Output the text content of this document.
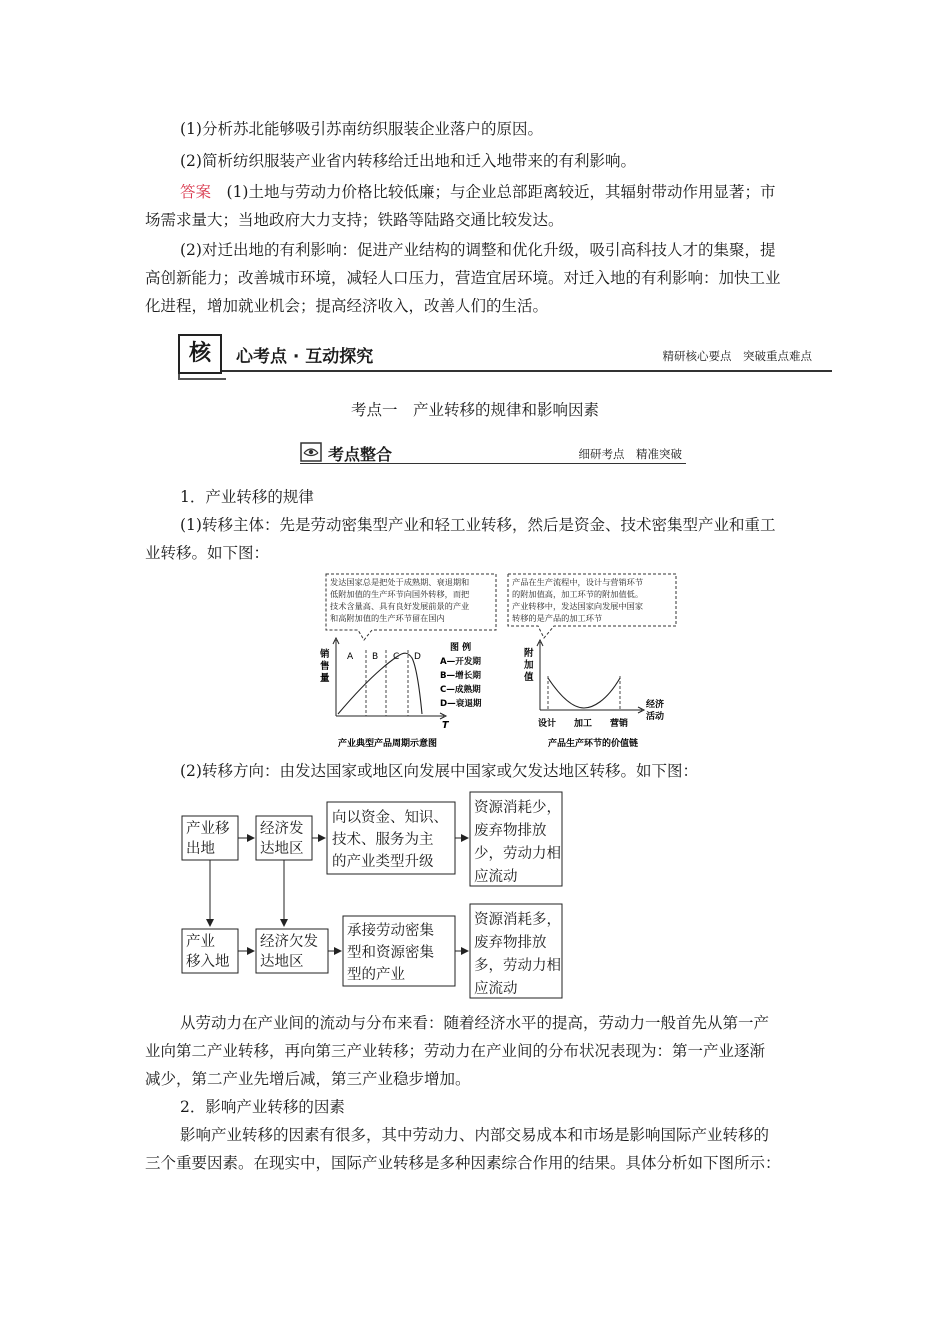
(1)分析苏北能够吸引苏南纺织服装企业落户的原因。
(2)简析纺织服装产业省内转移给迁出地和迁入地带来的有利影响。
答案　(1)土地与劳动力价格比较低廉；与企业总部距离较近，其辐射带动作用显著；市
场需求量大；当地政府大力支持；铁路等陆路交通比较发达。
(2)对迁出地的有利影响：促进产业结构的调整和优化升级，吸引高科技人才的集聚，提
高创新能力；改善城市环境，减轻人口压力，营造宜居环境。对迁入地的有利影响：加快工业
化进程，增加就业机会；提高经济收入，改善人们的生活。
核	心考点 · 互动探究	精研核心要点　突破重点难点
考点一　产业转移的规律和影响因素
考点整合	细研考点　精准突破
1．产业转移的规律
(1)转移主体：先是劳动密集型产业和轻工业转移，然后是资金、技术密集型产业和重工
业转移。如下图：
发达国家总是把处于成熟期、衰退期和
低附加值的生产环节向国外转移，而把
技术含量高、具有良好发展前景的产业
和高附加值的生产环节留在国内
产品在生产流程中，设计与营销环节
的附加值高，加工环节的附加值低。
产业转移中，发达国家向发展中国家
转移的是产品的加工环节
销
售
量
T
A B C D
图 例
A—开发期
B—增长期
C—成熟期
D—衰退期
产业典型产品周期示意图
附
加
值
经济
活动
设计 加工 营销
产品生产环节的价值链
(2)转移方向：由发达国家或地区向发展中国家或欠发达地区转移。如下图：
产业移
出地
经济发
达地区
向以资金、知识、
技术、服务为主
的产业类型升级
资源消耗少，
废弃物排放
少，劳动力相
应流动
产业
移入地
经济欠发
达地区
承接劳动密集
型和资源密集
型的产业
资源消耗多，
废弃物排放
多，劳动力相
应流动
从劳动力在产业间的流动与分布来看：随着经济水平的提高，劳动力一般首先从第一产
业向第二产业转移，再向第三产业转移；劳动力在产业间的分布状况表现为：第一产业逐渐
减少，第二产业先增后减，第三产业稳步增加。
2．影响产业转移的因素
影响产业转移的因素有很多，其中劳动力、内部交易成本和市场是影响国际产业转移的
三个重要因素。在现实中，国际产业转移是多种因素综合作用的结果。具体分析如下图所示：
